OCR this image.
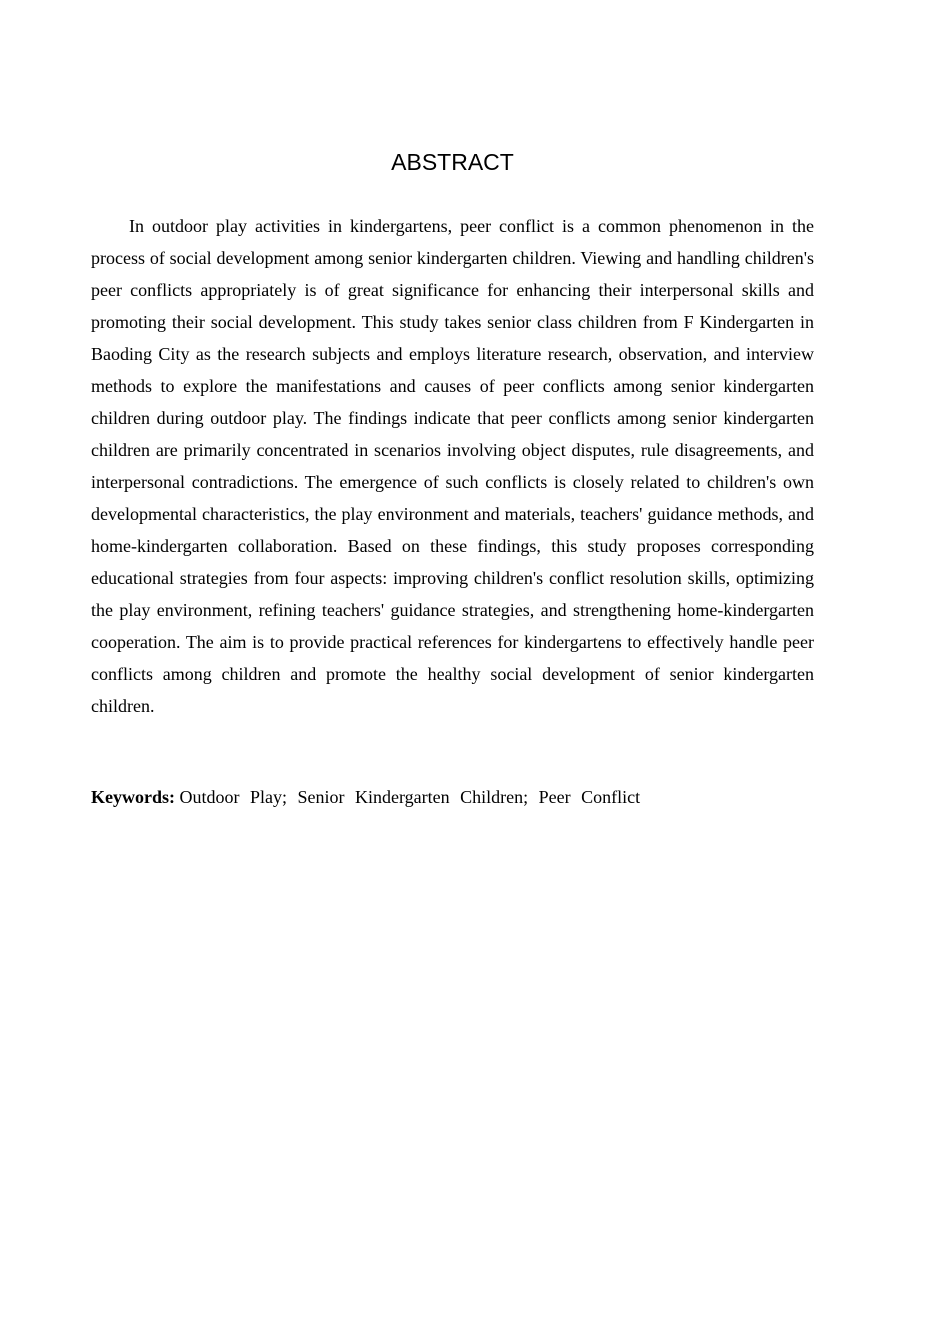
ABSTRACT

In outdoor play activities in kindergartens, peer conflict is a common phenomenon in the process of social development among senior kindergarten children. Viewing and handling children's peer conflicts appropriately is of great significance for enhancing their interpersonal skills and promoting their social development. This study takes senior class children from F Kindergarten in Baoding City as the research subjects and employs literature research, observation, and interview methods to explore the manifestations and causes of peer conflicts among senior kindergarten children during outdoor play. The findings indicate that peer conflicts among senior kindergarten children are primarily concentrated in scenarios involving object disputes, rule disagreements, and interpersonal contradictions. The emergence of such conflicts is closely related to children's own developmental characteristics, the play environment and materials, teachers' guidance methods, and home-kindergarten collaboration. Based on these findings, this study proposes corresponding educational strategies from four aspects: improving children's conflict resolution skills, optimizing the play environment, refining teachers' guidance strategies, and strengthening home-kindergarten cooperation. The aim is to provide practical references for kindergartens to effectively handle peer conflicts among children and promote the healthy social development of senior kindergarten children.

Keywords: Outdoor Play; Senior Kindergarten Children; Peer Conflict
